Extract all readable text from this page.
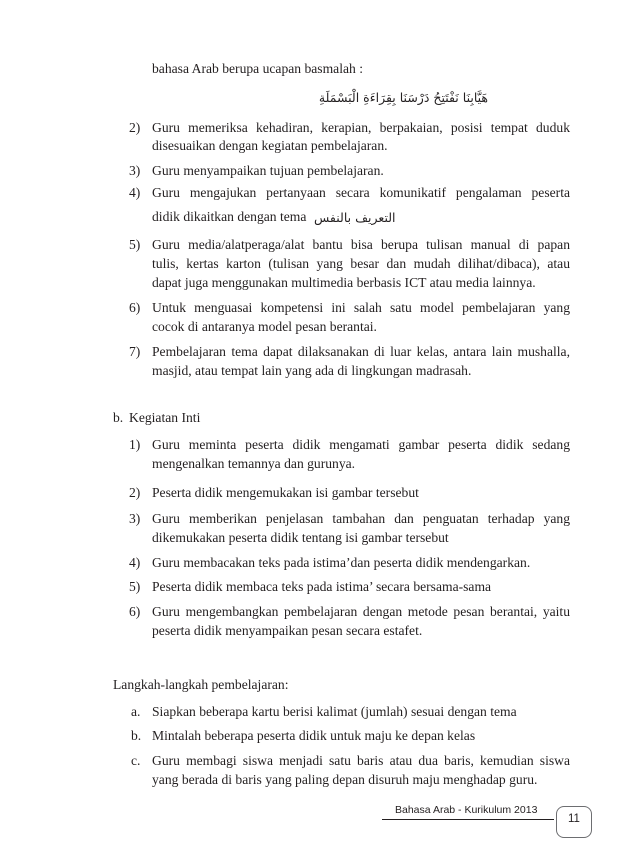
bahasa Arab berupa ucapan basmalah :
هَيَّابِنَا نَفْتَتِحُ دَرْسَنَا بِقِرَاءَةِ الْبَسْمَلَةِ
2) Guru memeriksa kehadiran, kerapian, berpakaian, posisi tempat duduk
disesuaikan dengan kegiatan pembelajaran.
3) Guru menyampaikan tujuan pembelajaran.
4) Guru mengajukan pertanyaan secara komunikatif pengalaman peserta
didik dikaitkan dengan tema التعريف بالنفس
5) Guru media/alatperaga/alat bantu bisa berupa tulisan manual di papan
tulis, kertas karton (tulisan yang besar dan mudah dilihat/dibaca), atau
dapat juga menggunakan multimedia berbasis ICT atau media lainnya.
6) Untuk menguasai kompetensi ini salah satu model pembelajaran yang
cocok di antaranya model pesan berantai.
7) Pembelajaran tema dapat dilaksanakan di luar kelas, antara lain mushalla,
masjid, atau tempat lain yang ada di lingkungan madrasah.
b. Kegiatan Inti
1) Guru meminta peserta didik mengamati gambar peserta didik sedang
mengenalkan temannya dan gurunya.
2) Peserta didik mengemukakan isi gambar tersebut
3) Guru memberikan penjelasan tambahan dan penguatan terhadap yang
dikemukakan peserta didik tentang isi gambar tersebut
4) Guru membacakan teks pada istima’dan peserta didik mendengarkan.
5) Peserta didik membaca teks pada istima’ secara bersama-sama
6) Guru mengembangkan pembelajaran dengan metode pesan berantai, yaitu
peserta didik menyampaikan pesan secara estafet.
Langkah-langkah pembelajaran:
a. Siapkan beberapa kartu berisi kalimat (jumlah) sesuai dengan tema
b. Mintalah beberapa peserta didik untuk maju ke depan kelas
c. Guru membagi siswa menjadi satu baris atau dua baris, kemudian siswa
yang berada di baris yang paling depan disuruh maju menghadap guru.
Bahasa Arab - Kurikulum 2013
11
